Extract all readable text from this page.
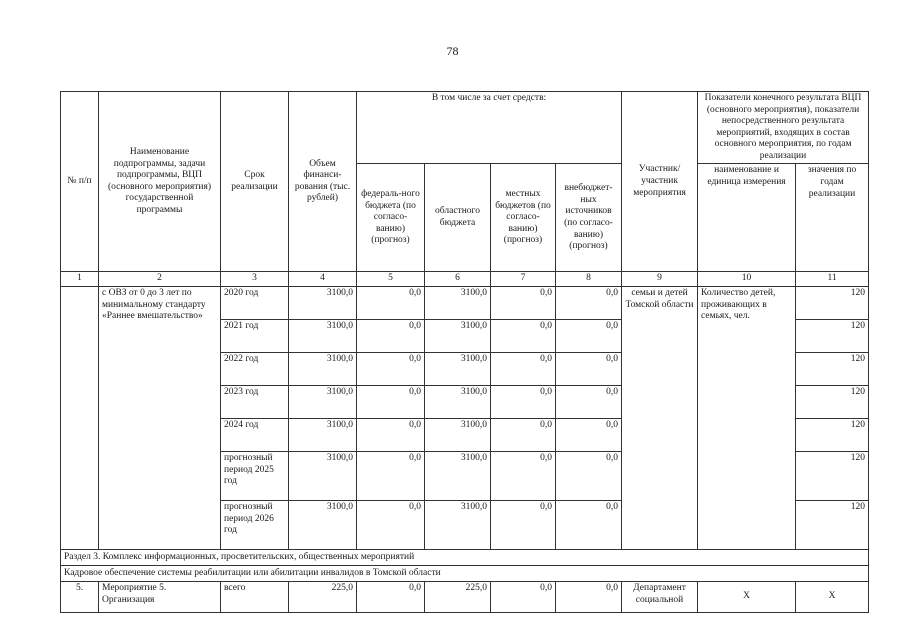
78
№ п/п	Наименование подпрограммы, задачи подпрограммы, ВЦП (основного мероприятия) государственной программы	Срок реализации	Объем финанси-рования (тыс. рублей)	В том числе за счет средств:				Участник/ участник мероприятия	Показатели конечного результата ВЦП (основного мероприятия), показатели непосредственного результата мероприятий, входящих в состав основного мероприятия, по годам реализации	
				федераль-ного бюджета (по согласо-ванию) (прогноз)	областного бюджета	местных бюджетов (по согласо-ванию) (прогноз)	внебюджет-ных источников (по согласо-ванию) (прогноз)		наименование и единица измерения	значения по годам реализации
1	2	3	4	5	6	7	8	9	10	11
	с ОВЗ от 0 до 3 лет по минимальному стандарту «Раннее вмешательство»	2020 год	3100,0	0,0	3100,0	0,0	0,0	семьи и детей Томской области	Количество детей, проживающих в семьях, чел.	120
		2021 год	3100,0	0,0	3100,0	0,0	0,0			120
		2022 год	3100,0	0,0	3100,0	0,0	0,0			120
		2023 год	3100,0	0,0	3100,0	0,0	0,0			120
		2024 год	3100,0	0,0	3100,0	0,0	0,0			120
		прогнозный период 2025 год	3100,0	0,0	3100,0	0,0	0,0			120
		прогнозный период 2026 год	3100,0	0,0	3100,0	0,0	0,0			120
Раздел 3. Комплекс информационных, просветительских, общественных мероприятий										
Кадровое обеспечение системы реабилитации или абилитации инвалидов в Томской области										
5.	Мероприятие 5. Организация	всего	225,0	0,0	225,0	0,0	0,0	Департамент социальной	Х	Х
